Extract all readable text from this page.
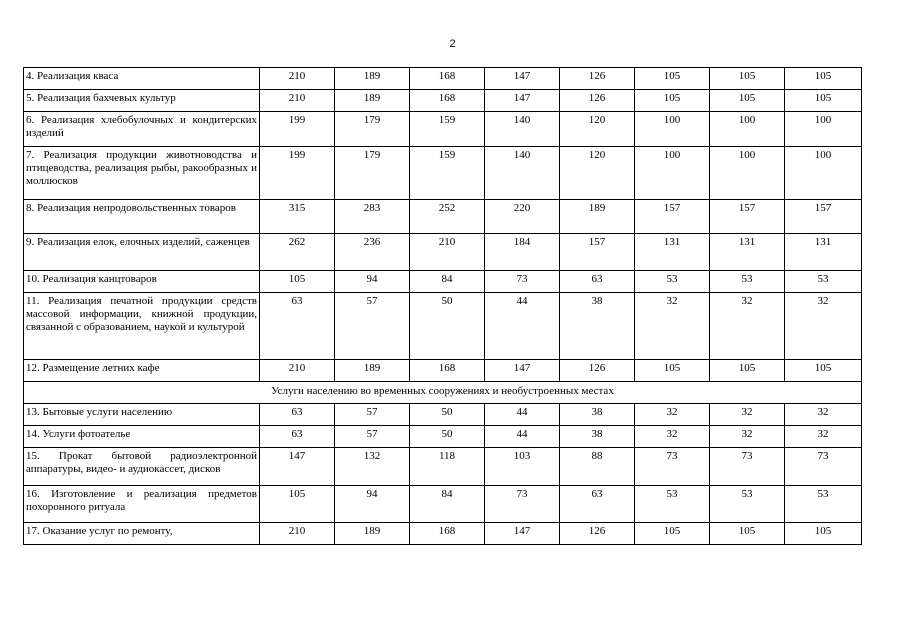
2
4. Реализация кваса	210	189	168	147	126	105	105	105
5. Реализация бахчевых культур	210	189	168	147	126	105	105	105
6. Реализация хлебобулочных и кондитерских изделий	199	179	159	140	120	100	100	100
7. Реализация продукции животноводства и птицеводства, реализация рыбы, ракообразных и моллюсков	199	179	159	140	120	100	100	100
8. Реализация непродовольственных товаров	315	283	252	220	189	157	157	157
9. Реализация елок, елочных изделий, саженцев	262	236	210	184	157	131	131	131
10. Реализация канцтоваров	105	94	84	73	63	53	53	53
11. Реализация печатной продукции средств массовой информации, книжной продукции, связанной с образованием, наукой и культурой	63	57	50	44	38	32	32	32
12. Размещение летних кафе	210	189	168	147	126	105	105	105
Услуги населению во временных сооружениях и необустроенных местах								
13. Бытовые услуги населению	63	57	50	44	38	32	32	32
14. Услуги фотоателье	63	57	50	44	38	32	32	32
15. Прокат бытовой радиоэлектронной аппаратуры, видео- и аудиокассет, дисков	147	132	118	103	88	73	73	73
16. Изготовление и реализация предметов похоронного ритуала	105	94	84	73	63	53	53	53
17. Оказание услуг по ремонту,	210	189	168	147	126	105	105	105
